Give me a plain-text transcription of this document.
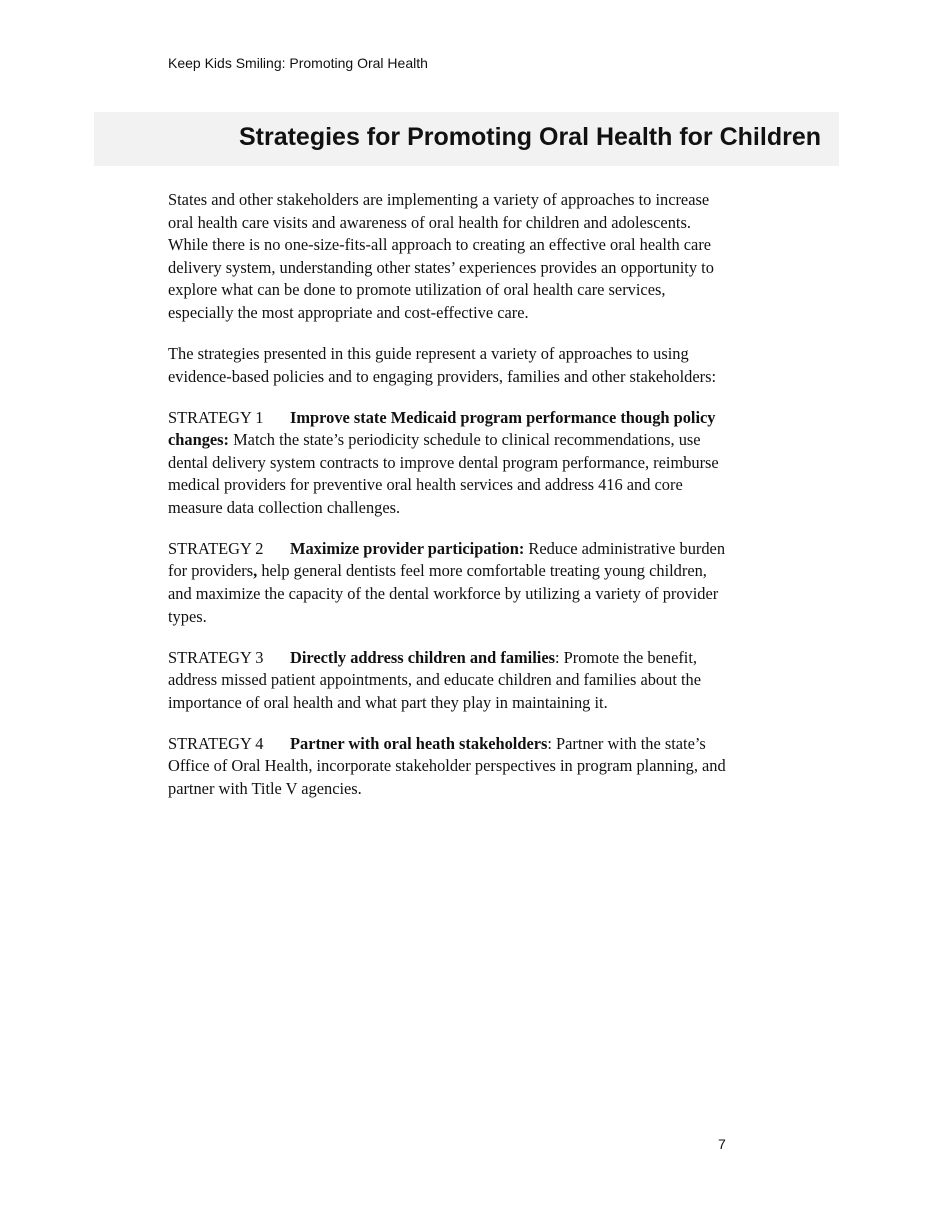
Keep Kids Smiling: Promoting Oral Health
Strategies for Promoting Oral Health for Children

States and other stakeholders are implementing a variety of approaches to increase oral health care visits and awareness of oral health for children and adolescents. While there is no one-size-fits-all approach to creating an effective oral health care delivery system, understanding other states’ experiences provides an opportunity to explore what can be done to promote utilization of oral health care services, especially the most appropriate and cost-effective care.

The strategies presented in this guide represent a variety of approaches to using evidence-based policies and to engaging providers, families and other stakeholders:

STRATEGY 1 Improve state Medicaid program performance though policy changes: Match the state’s periodicity schedule to clinical recommendations, use dental delivery system contracts to improve dental program performance, reimburse medical providers for preventive oral health services and address 416 and core measure data collection challenges.

STRATEGY 2 Maximize provider participation: Reduce administrative burden for providers, help general dentists feel more comfortable treating young children, and maximize the capacity of the dental workforce by utilizing a variety of provider types.

STRATEGY 3 Directly address children and families: Promote the benefit, address missed patient appointments, and educate children and families about the importance of oral health and what part they play in maintaining it.

STRATEGY 4 Partner with oral heath stakeholders: Partner with the state’s Office of Oral Health, incorporate stakeholder perspectives in program planning, and partner with Title V agencies.

7
